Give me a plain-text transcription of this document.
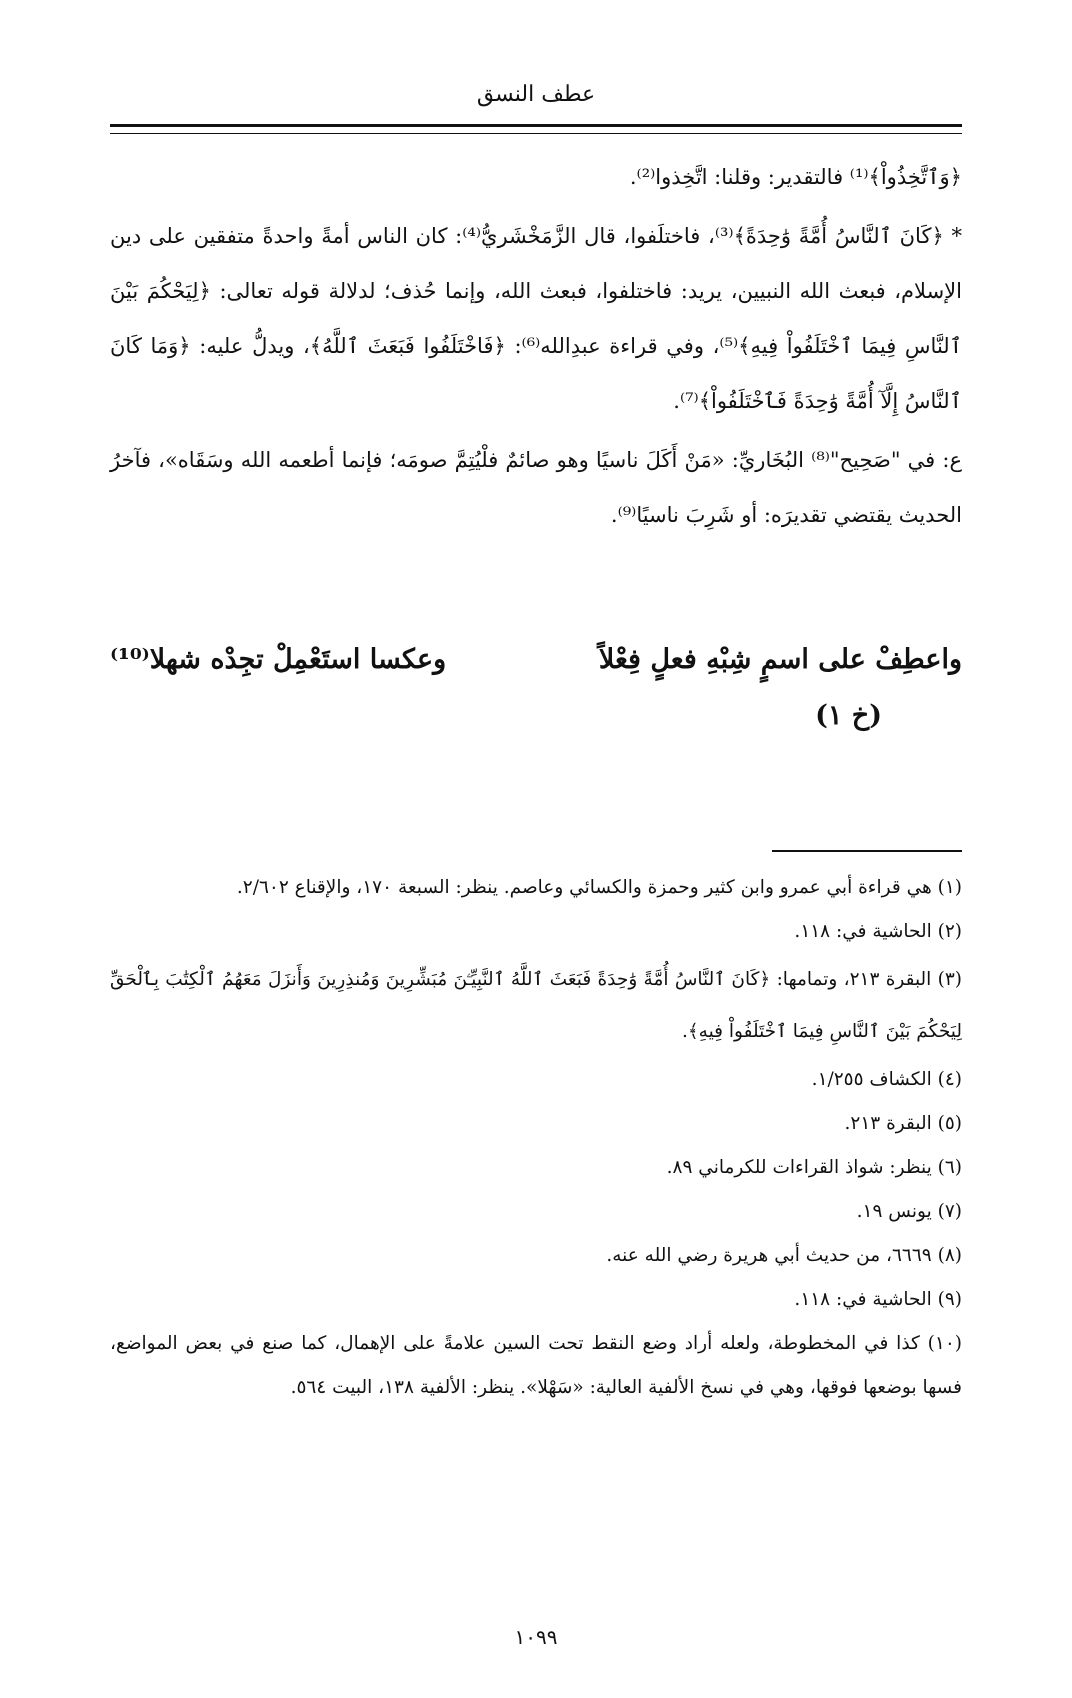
عطف النسق

﴿وَٱتَّخِذُواْ﴾⁽¹⁾ فالتقدير: وقلنا: اتَّخِذوا⁽²⁾.

* ﴿كَانَ ٱلنَّاسُ أُمَّةً وَٰحِدَةً﴾⁽³⁾، فاختلَفوا، قال الزَّمَخْشَريُّ⁽⁴⁾: كان الناس أمةً واحدةً متفقين على دين الإسلام، فبعث الله النبيين، يريد: فاختلفوا، فبعث الله، وإنما حُذف؛ لدلالة قوله تعالى: ﴿لِيَحْكُمَ بَيْنَ ٱلنَّاسِ فِيمَا ٱخْتَلَفُواْ فِيهِ﴾⁽⁵⁾، وفي قراءة عبدِالله⁽⁶⁾: ﴿فَاخْتَلَفُوا فَبَعَثَ ٱللَّهُ﴾، ويدلُّ عليه: ﴿وَمَا كَانَ ٱلنَّاسُ إِلَّآ أُمَّةً وَٰحِدَةً فَٱخْتَلَفُواْ﴾⁽⁷⁾.

ع: في "صَحِيح"⁽⁸⁾ البُخَاريِّ: «مَنْ أَكَلَ ناسيًا وهو صائمٌ فلْيُتِمَّ صومَه؛ فإنما أطعمه الله وسَقَاه»، فآخرُ الحديث يقتضي تقديرَه: أو شَرِبَ ناسيًا⁽⁹⁾.

واعطِفْ على اسمٍ شِبْهِ فعلٍ فِعْلاً
وعكسا استَعْمِلْ تجِدْه شهلا⁽¹⁰⁾
(خ ١)

(١) هي قراءة أبي عمرو وابن كثير وحمزة والكسائي وعاصم. ينظر: السبعة ١٧٠، والإقناع ٢/٦٠٢.

(٢) الحاشية في: ١١٨.

(٣) البقرة ٢١٣، وتمامها: ﴿كَانَ ٱلنَّاسُ أُمَّةً وَٰحِدَةً فَبَعَثَ ٱللَّهُ ٱلنَّبِيِّـۧنَ مُبَشِّرِينَ وَمُنذِرِينَ وَأَنزَلَ مَعَهُمُ ٱلْكِتَٰبَ بِٱلْحَقِّ لِيَحْكُمَ بَيْنَ ٱلنَّاسِ فِيمَا ٱخْتَلَفُواْ فِيهِ﴾.

(٤) الكشاف ١/٢٥٥.

(٥) البقرة ٢١٣.

(٦) ينظر: شواذ القراءات للكرماني ٨٩.

(٧) يونس ١٩.

(٨) ٦٦٦٩، من حديث أبي هريرة رضي الله عنه.

(٩) الحاشية في: ١١٨.

(١٠) كذا في المخطوطة، ولعله أراد وضع النقط تحت السين علامةً على الإهمال، كما صنع في بعض المواضع، فسها بوضعها فوقها، وهي في نسخ الألفية العالية: «سَهْلا». ينظر: الألفية ١٣٨، البيت ٥٦٤.

١٠٩٩
